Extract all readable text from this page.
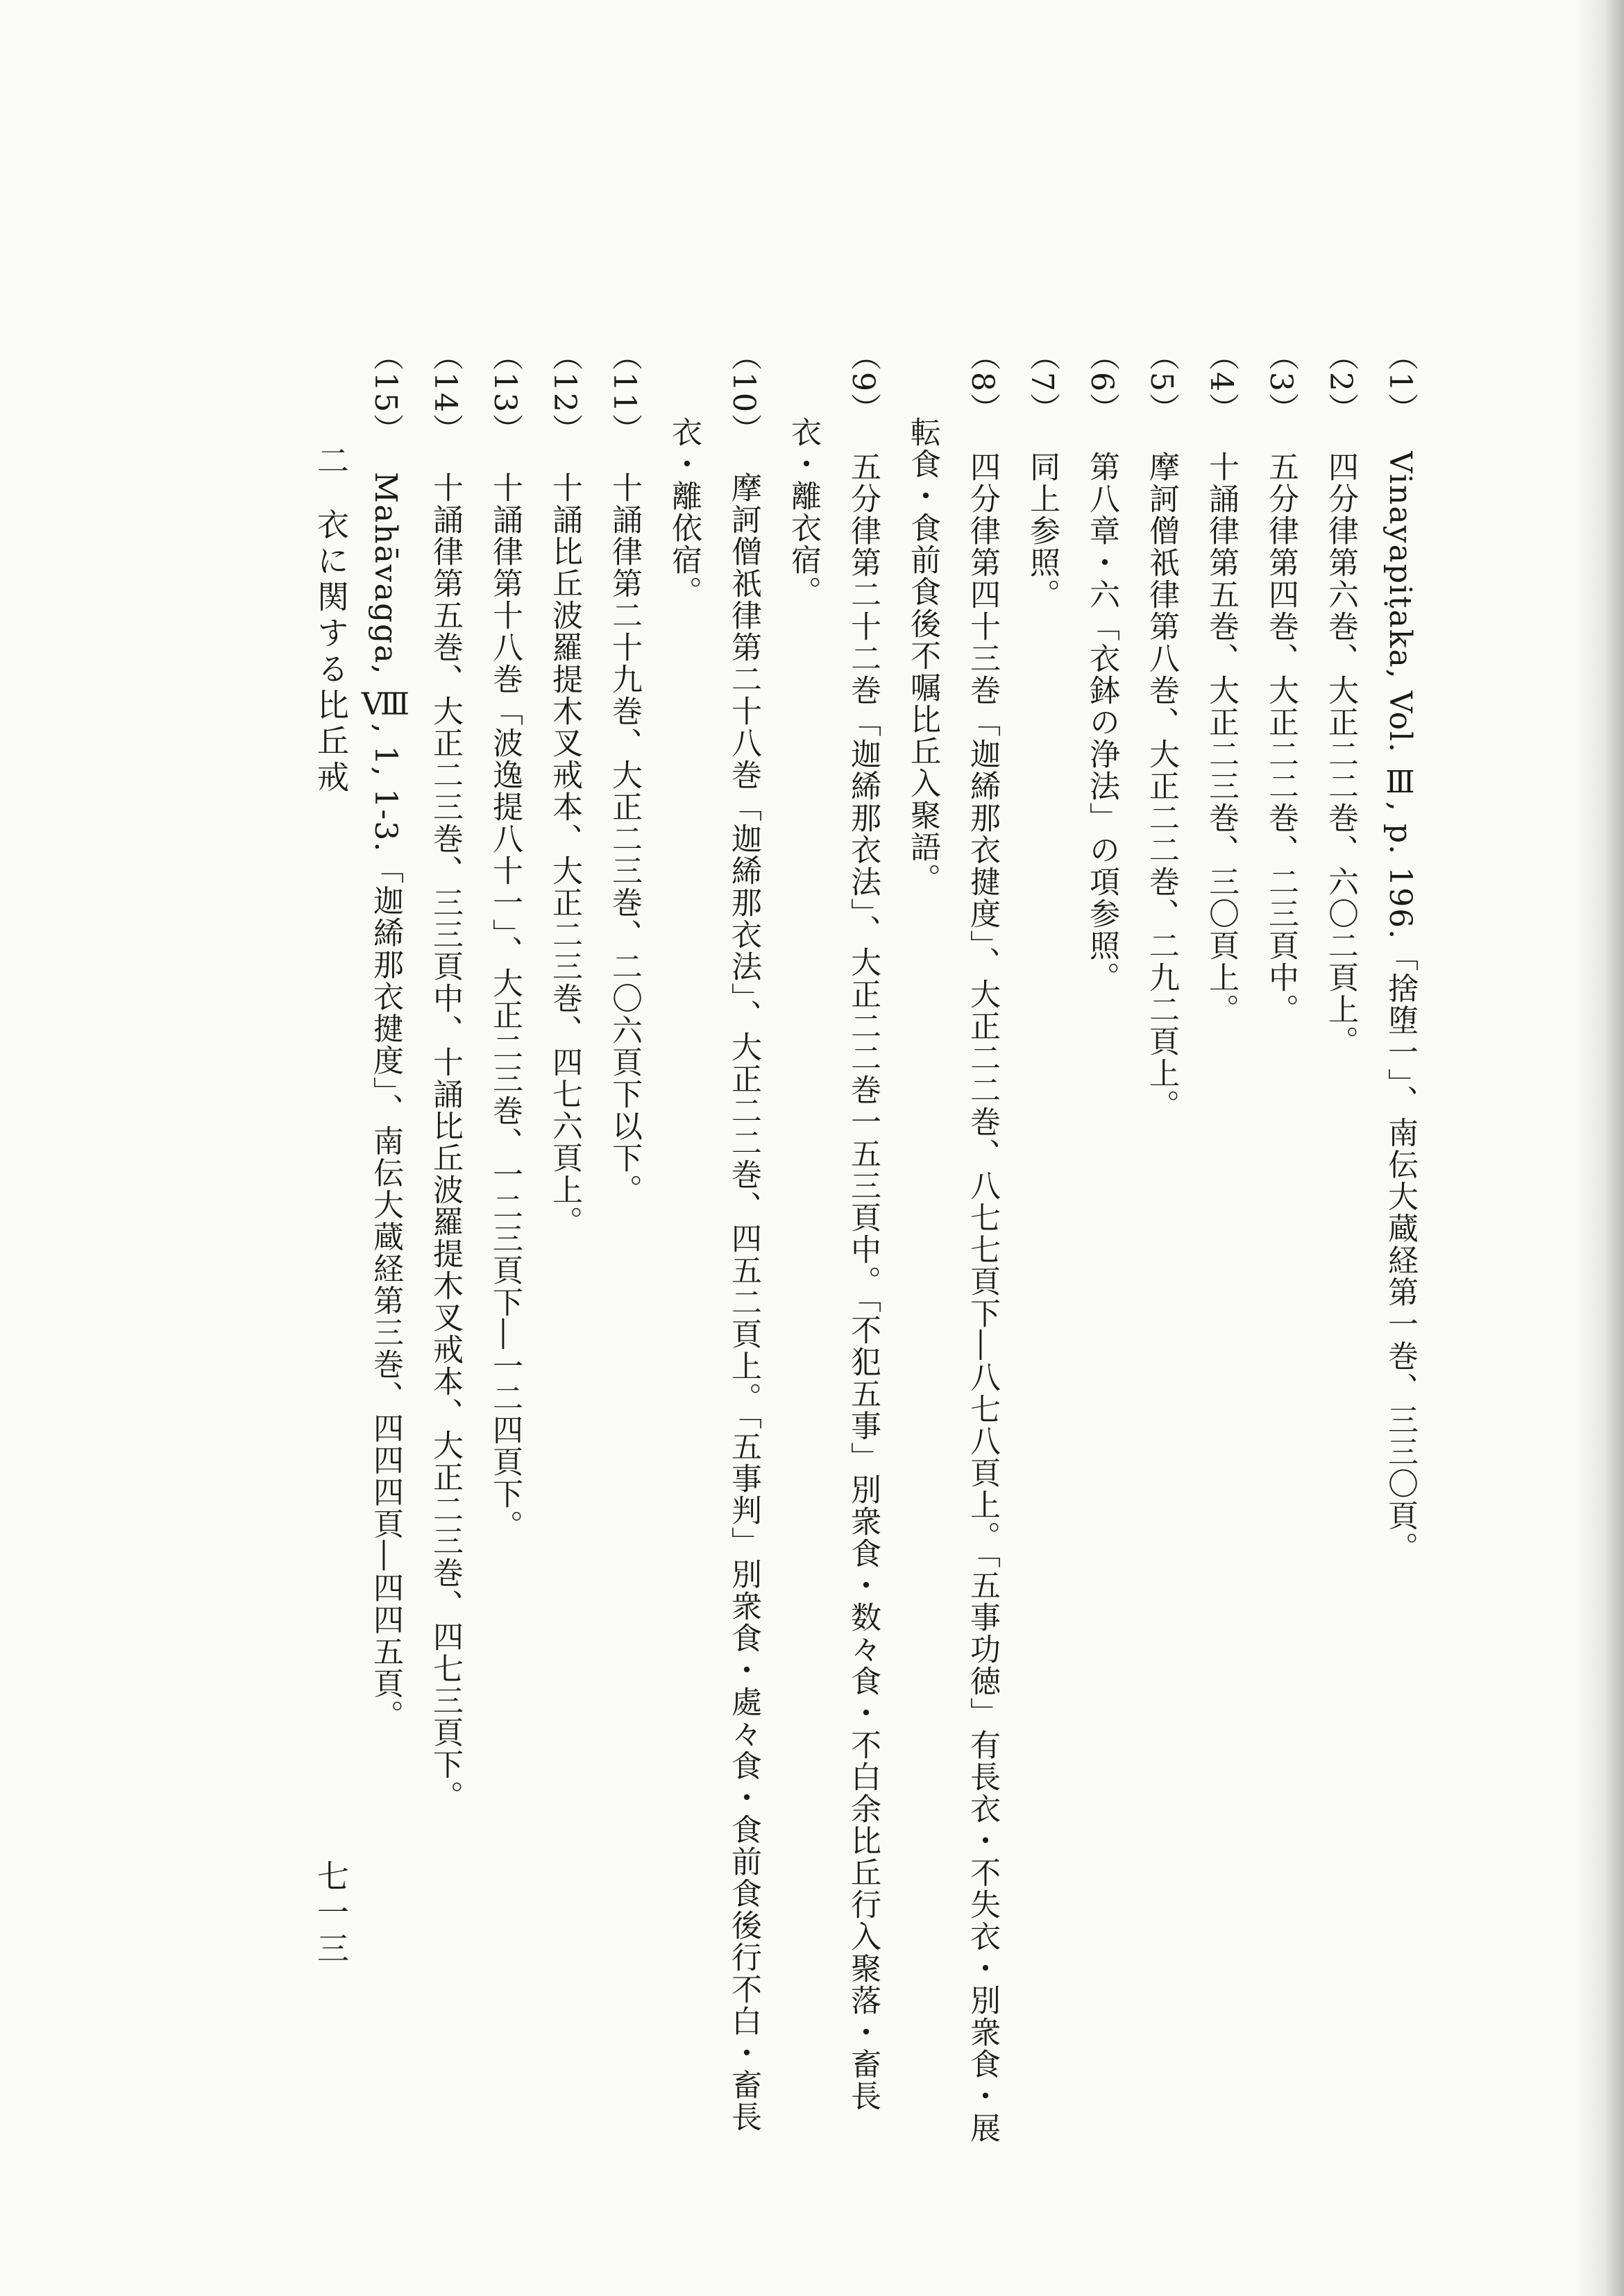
（1）Vinayapiṭaka, Vol. Ⅲ, p. 196.「捨堕一」、南伝大蔵経第一巻、三三〇頁。
（2）四分律第六巻、大正二二巻、六〇二頁上。
（3）五分律第四巻、大正二二巻、二三頁中。
（4）十誦律第五巻、大正二三巻、三〇頁上。
（5）摩訶僧祇律第八巻、大正二二巻、二九二頁上。
（6）第八章・六「衣鉢の浄法」の項参照。
（7）同上参照。
（8）四分律第四十三巻「迦絺那衣揵度」、大正二二巻、八七七頁下―八七八頁上。「五事功徳」有長衣・不失衣・別衆食・展
転食・食前食後不嘱比丘入聚語。
（9）五分律第二十二巻「迦絺那衣法」、大正二二巻一五三頁中。「不犯五事」別衆食・数々食・不白余比丘行入聚落・畜長
衣・離衣宿。
（10）摩訶僧祇律第二十八巻「迦絺那衣法」、大正二二巻、四五二頁上。「五事判」別衆食・處々食・食前食後行不白・畜長
衣・離依宿。
（11）十誦律第二十九巻、大正二三巻、二〇六頁下以下。
（12）十誦比丘波羅提木叉戒本、大正二三巻、四七六頁上。
（13）十誦律第十八巻「波逸提八十一」、大正二三巻、一二三頁下―一二四頁下。
（14）十誦律第五巻、大正二三巻、三三頁中、十誦比丘波羅提木叉戒本、大正二三巻、四七三頁下。
（15）Mahāvagga, Ⅷ, 1, 1-3.「迦絺那衣揵度」、南伝大蔵経第三巻、四四四頁―四四五頁。
二衣に関する比丘戒
七一三
